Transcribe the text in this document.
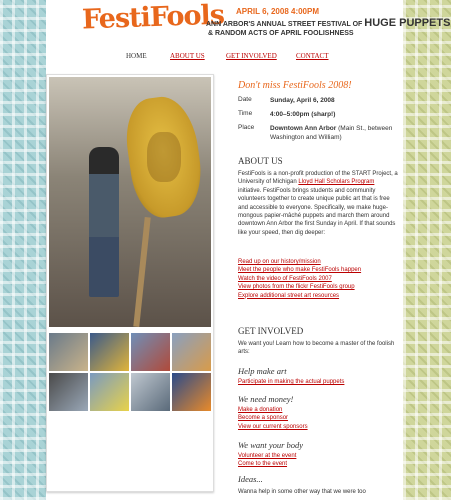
FestiFools APRIL 6, 2008 4:00PM
ANN ARBOR'S ANNUAL STREET FESTIVAL OF HUGE PUPPETS
& RANDOM ACTS OF APRIL FOOLISHNESS
HOME	ABOUT US	GET INVOLVED	CONTACT
Don't miss FestiFools 2008!
Date	Sunday, April 6, 2008
Time	4:00–5:00pm (sharp!)
Place Downtown Ann Arbor (Main St., between Washington and William)
ABOUT US
FestiFools is a non-profit production of the START Project, a University of Michigan Lloyd Hall Scholars Program initiative. FestiFools brings students and community volunteers together to create unique public art that is free and accessible to everyone. Specifically, we make huge-mongous papier-mâché puppets and march them around downtown Ann Arbor the first Sunday in April. If that sounds like your speed, then dig deeper:
Read up on our history/mission
Meet the people who make FestiFools happen
Watch the video of FestiFools 2007
View photos from the flickr FestiFools group
Explore additional street art resources
GET INVOLVED
We want you! Learn how to become a master of the foolish arts:
Help make art
Participate in making the actual puppets
We need money!
Make a donation
Become a sponsor
View our current sponsors
We want your body
Volunteer at the event
Come to the event
Ideas...
Wanna help in some other way that we were too
